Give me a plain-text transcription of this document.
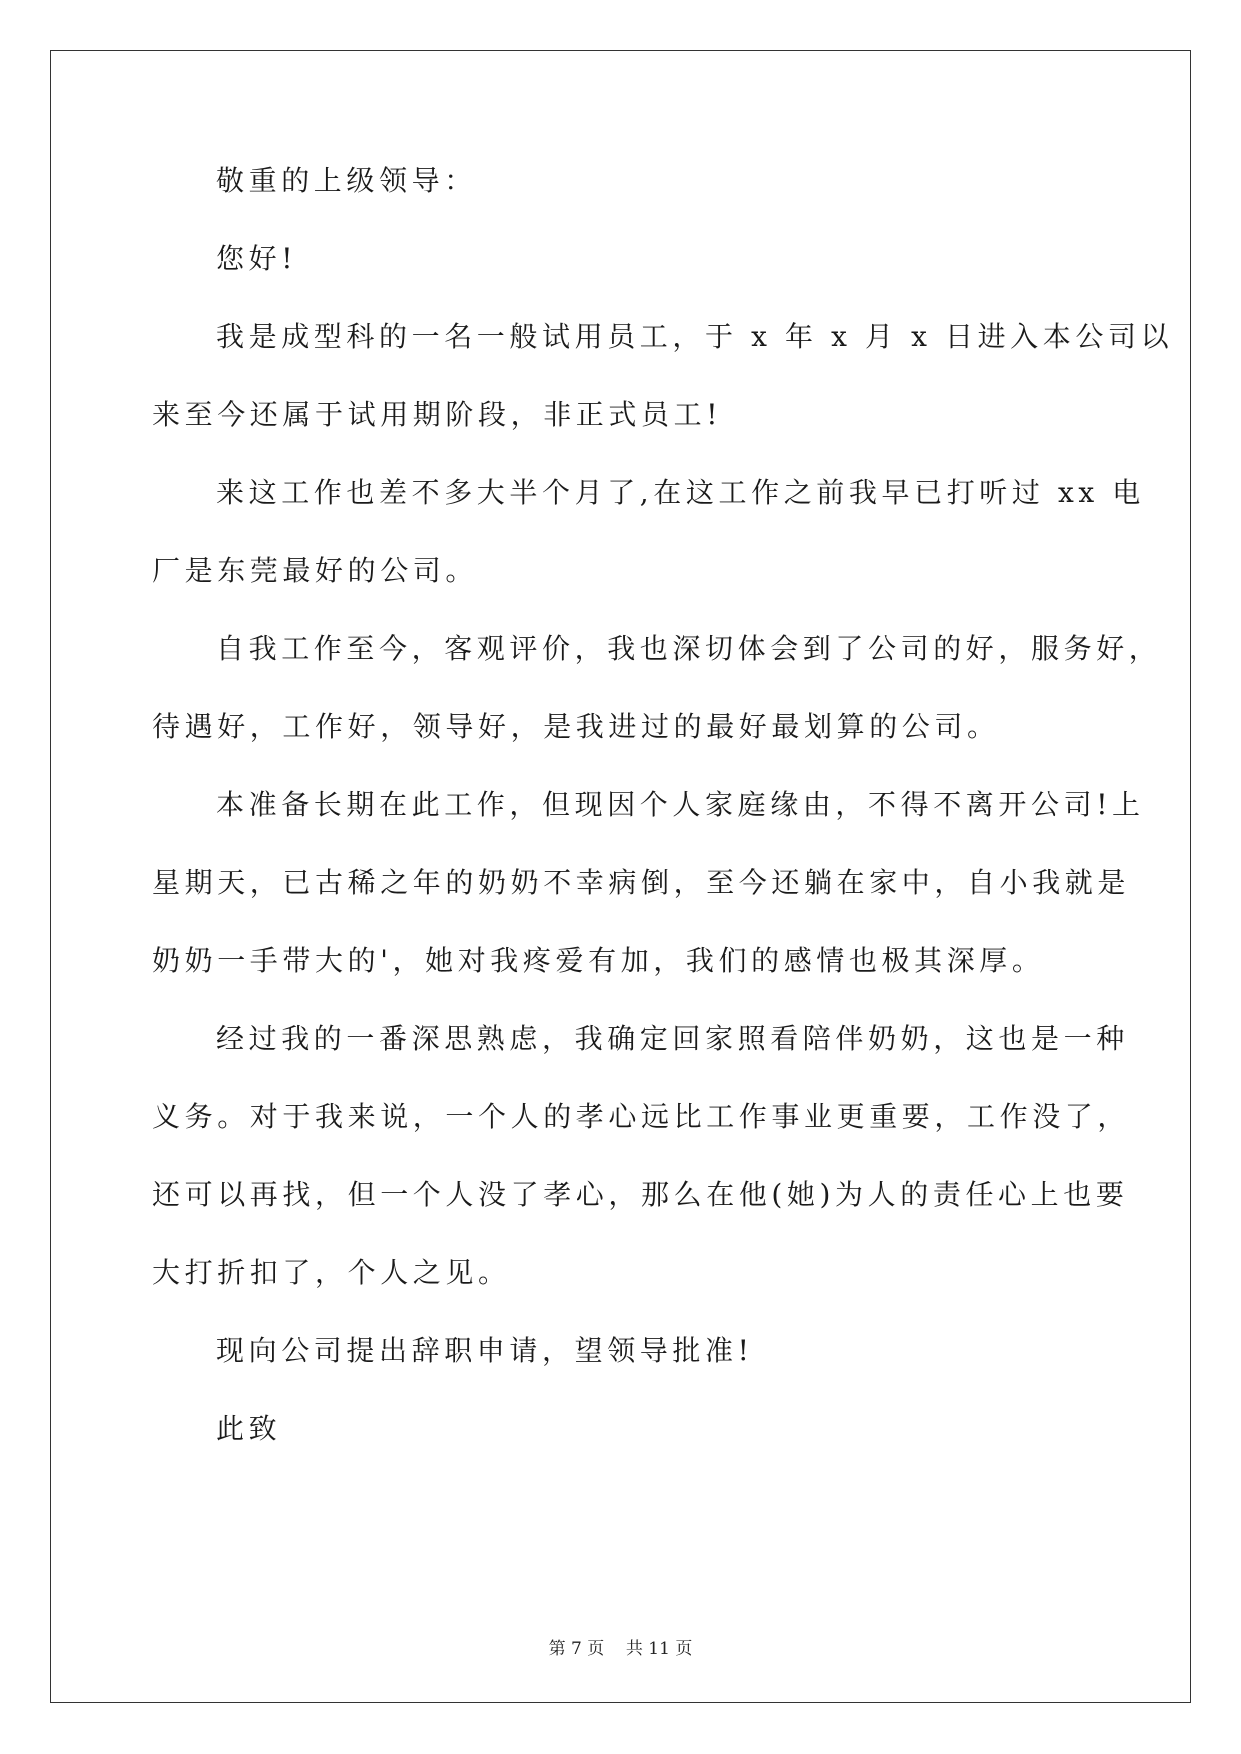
敬重的上级领导：
您好!
我是成型科的一名一般试用员工，于 x 年 x 月 x 日进入本公司以
来至今还属于试用期阶段，非正式员工!
来这工作也差不多大半个月了,在这工作之前我早已打听过 xx 电
厂是东莞最好的公司。
自我工作至今，客观评价，我也深切体会到了公司的好，服务好，
待遇好，工作好，领导好，是我进过的最好最划算的公司。
本准备长期在此工作，但现因个人家庭缘由，不得不离开公司!上
星期天，已古稀之年的奶奶不幸病倒，至今还躺在家中，自小我就是
奶奶一手带大的'，她对我疼爱有加，我们的感情也极其深厚。
经过我的一番深思熟虑，我确定回家照看陪伴奶奶，这也是一种
义务。对于我来说，一个人的孝心远比工作事业更重要，工作没了，
还可以再找，但一个人没了孝心，那么在他(她)为人的责任心上也要
大打折扣了，个人之见。
现向公司提出辞职申请，望领导批准!
此致
第 7 页    共 11 页
